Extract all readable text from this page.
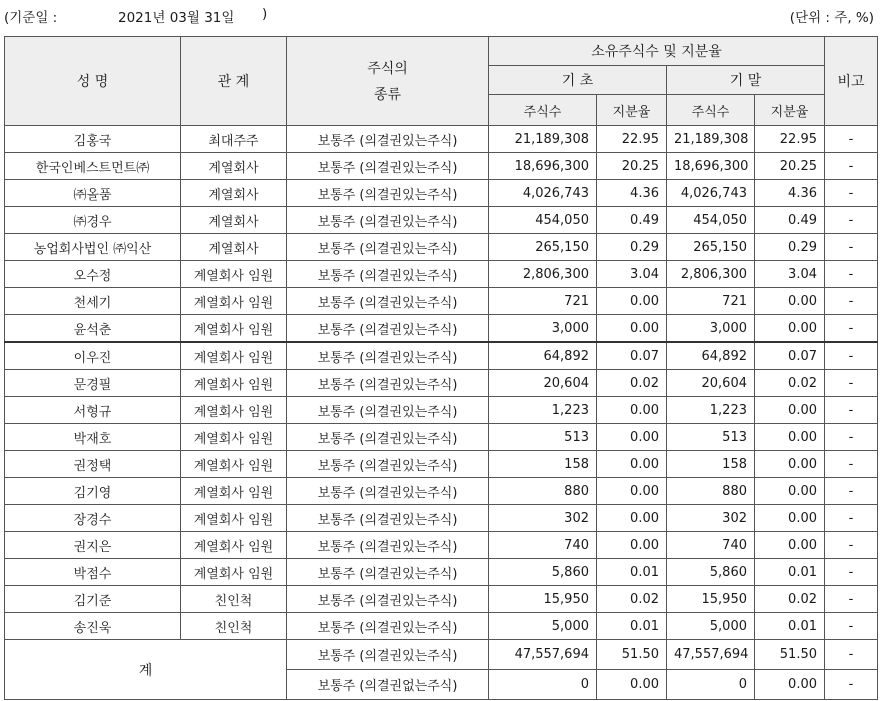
(기준일 :	2021년 03월 31일 )	(단위 : 주, %)
성 명	관 계	주식의
종류	소유주식수 및 지분율				비고
			기 초		기 말		
			주식수	지분율	주식수	지분율	
김홍국	최대주주	보통주 (의결권있는주식)	21,189,308	22.95	21,189,308	22.95	-
한국인베스트먼트㈜	계열회사	보통주 (의결권있는주식)	18,696,300	20.25	18,696,300	20.25	-
㈜올품	계열회사	보통주 (의결권있는주식)	4,026,743	4.36	4,026,743	4.36	-
㈜경우	계열회사	보통주 (의결권있는주식)	454,050	0.49	454,050	0.49	-
농업회사법인 ㈜익산	계열회사	보통주 (의결권있는주식)	265,150	0.29	265,150	0.29	-
오수정	계열회사 임원	보통주 (의결권있는주식)	2,806,300	3.04	2,806,300	3.04	-
천세기	계열회사 임원	보통주 (의결권있는주식)	721	0.00	721	0.00	-
윤석춘	계열회사 임원	보통주 (의결권있는주식)	3,000	0.00	3,000	0.00	-
이우진	계열회사 임원	보통주 (의결권있는주식)	64,892	0.07	64,892	0.07	-
문경필	계열회사 임원	보통주 (의결권있는주식)	20,604	0.02	20,604	0.02	-
서형규	계열회사 임원	보통주 (의결권있는주식)	1,223	0.00	1,223	0.00	-
박재호	계열회사 임원	보통주 (의결권있는주식)	513	0.00	513	0.00	-
권정택	계열회사 임원	보통주 (의결권있는주식)	158	0.00	158	0.00	-
김기영	계열회사 임원	보통주 (의결권있는주식)	880	0.00	880	0.00	-
장경수	계열회사 임원	보통주 (의결권있는주식)	302	0.00	302	0.00	-
권지은	계열회사 임원	보통주 (의결권있는주식)	740	0.00	740	0.00	-
박점수	계열회사 임원	보통주 (의결권있는주식)	5,860	0.01	5,860	0.01	-
김기준	친인척	보통주 (의결권있는주식)	15,950	0.02	15,950	0.02	-
송진욱	친인척	보통주 (의결권있는주식)	5,000	0.01	5,000	0.01	-
계		보통주 (의결권있는주식)	47,557,694	51.50	47,557,694	51.50	-
		보통주 (의결권없는주식)	0	0.00	0	0.00	-
